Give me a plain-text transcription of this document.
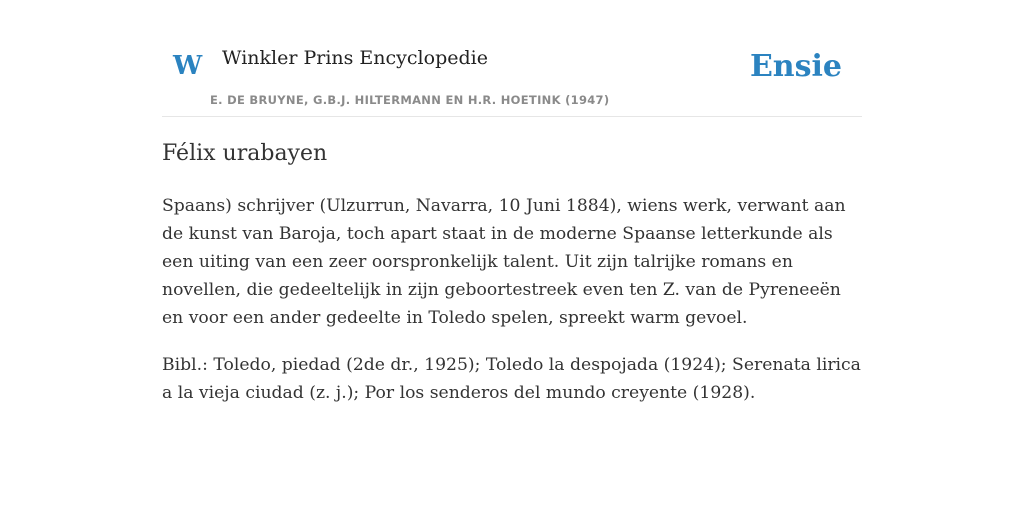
W Winkler Prins Encyclopedie
E. DE BRUYNE, G.B.J. HILTERMANN EN H.R. HOETINK (1947)
Ensie
Félix urabayen

Spaans) schrijver (Ulzurrun, Navarra, 10 Juni 1884), wiens werk, verwant aan de kunst van Baroja, toch apart staat in de moderne Spaanse letterkunde als een uiting van een zeer oorspronkelijk talent. Uit zijn talrijke romans en novellen, die gedeeltelijk in zijn geboortestreek even ten Z. van de Pyreneeën en voor een ander gedeelte in Toledo spelen, spreekt warm gevoel.

Bibl.: Toledo, piedad (2de dr., 1925); Toledo la despojada (1924); Serenata lirica a la vieja ciudad (z. j.); Por los senderos del mundo creyente (1928).
